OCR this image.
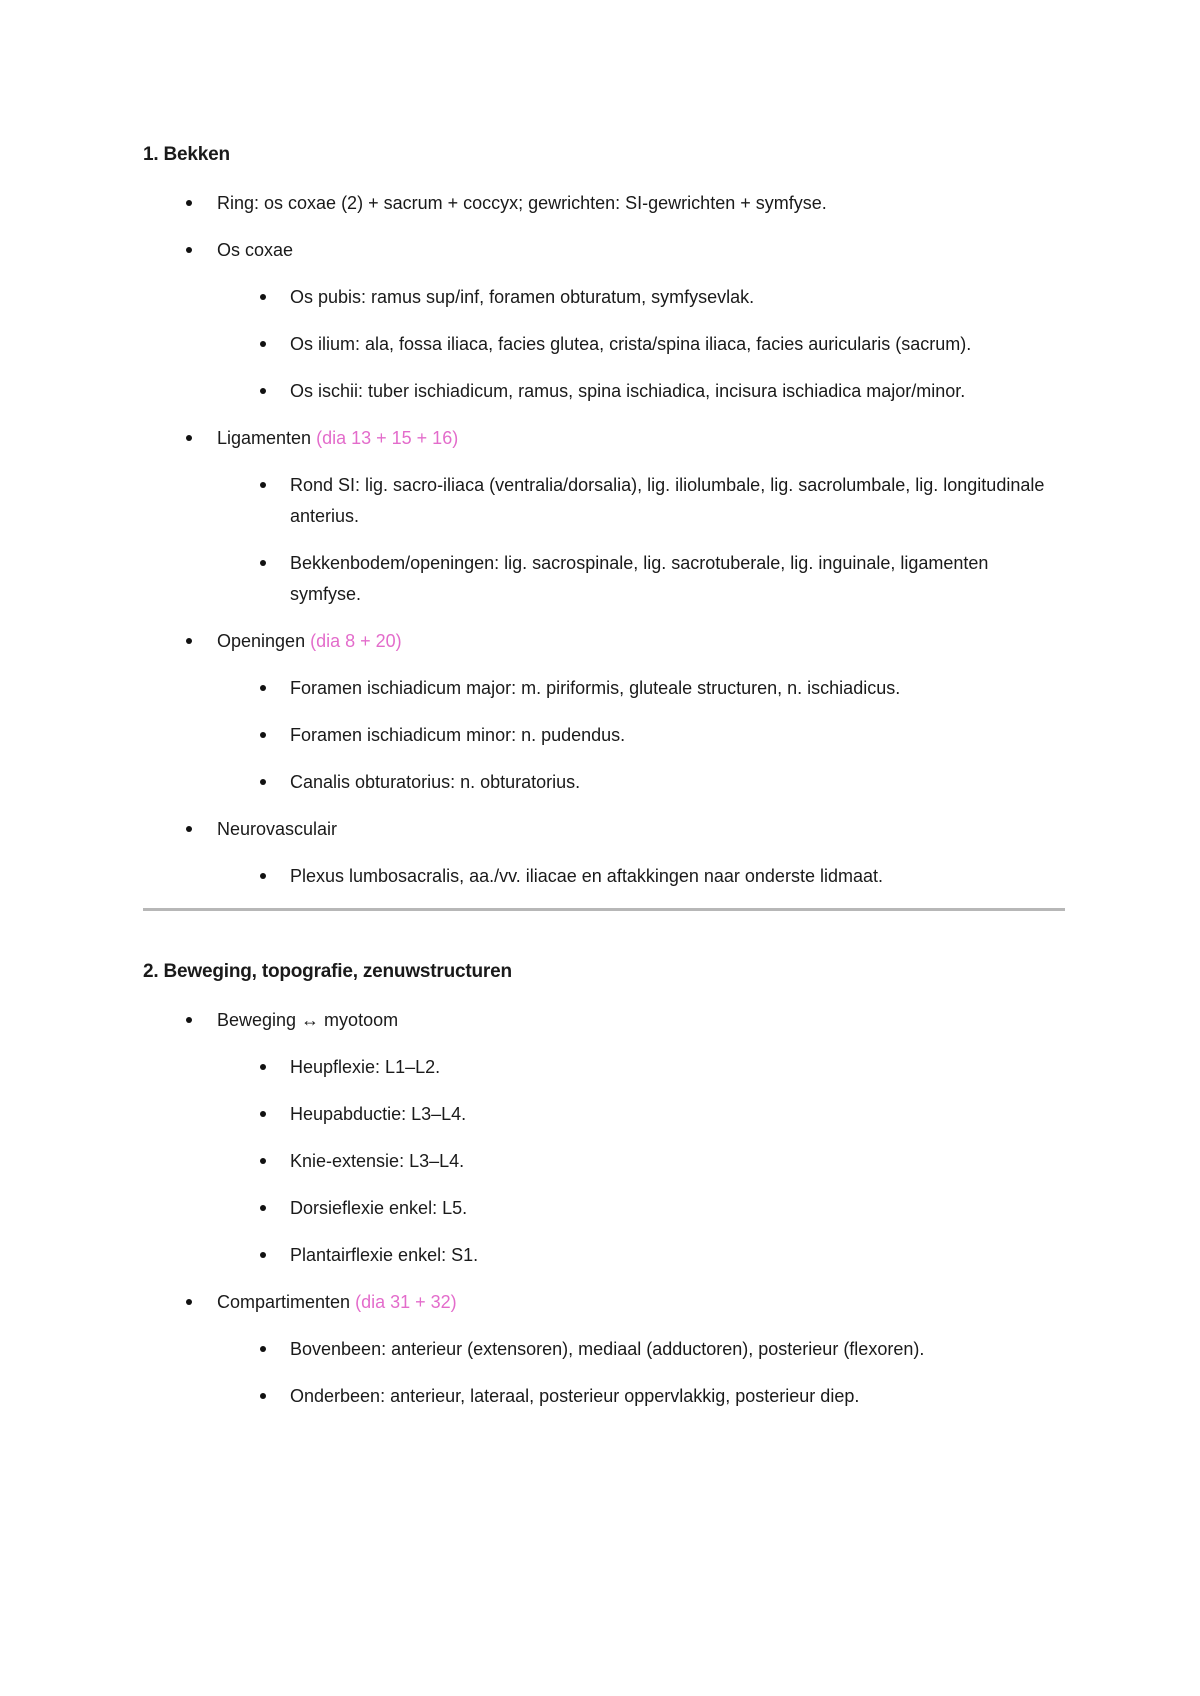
1. Bekken
Ring: os coxae (2) + sacrum + coccyx; gewrichten: SI-gewrichten + symfyse.
Os coxae
Os pubis: ramus sup/inf, foramen obturatum, symfysevlak.
Os ilium: ala, fossa iliaca, facies glutea, crista/spina iliaca, facies auricularis (sacrum).
Os ischii: tuber ischiadicum, ramus, spina ischiadica, incisura ischiadica major/minor.
Ligamenten (dia 13 + 15 + 16)
Rond SI: lig. sacro-iliaca (ventralia/dorsalia), lig. iliolumbale, lig. sacrolumbale, lig. longitudinale anterius.
Bekkenbodem/openingen: lig. sacrospinale, lig. sacrotuberale, lig. inguinale, ligamenten symfyse.
Openingen (dia 8 + 20)
Foramen ischiadicum major: m. piriformis, gluteale structuren, n. ischiadicus.
Foramen ischiadicum minor: n. pudendus.
Canalis obturatorius: n. obturatorius.
Neurovasculair
Plexus lumbosacralis, aa./vv. iliacae en aftakkingen naar onderste lidmaat.
2. Beweging, topografie, zenuwstructuren
Beweging ↔ myotoom
Heupflexie: L1–L2.
Heupabductie: L3–L4.
Knie-extensie: L3–L4.
Dorsieflexie enkel: L5.
Plantairflexie enkel: S1.
Compartimenten (dia 31 + 32)
Bovenbeen: anterieur (extensoren), mediaal (adductoren), posterieur (flexoren).
Onderbeen: anterieur, lateraal, posterieur oppervlakkig, posterieur diep.
